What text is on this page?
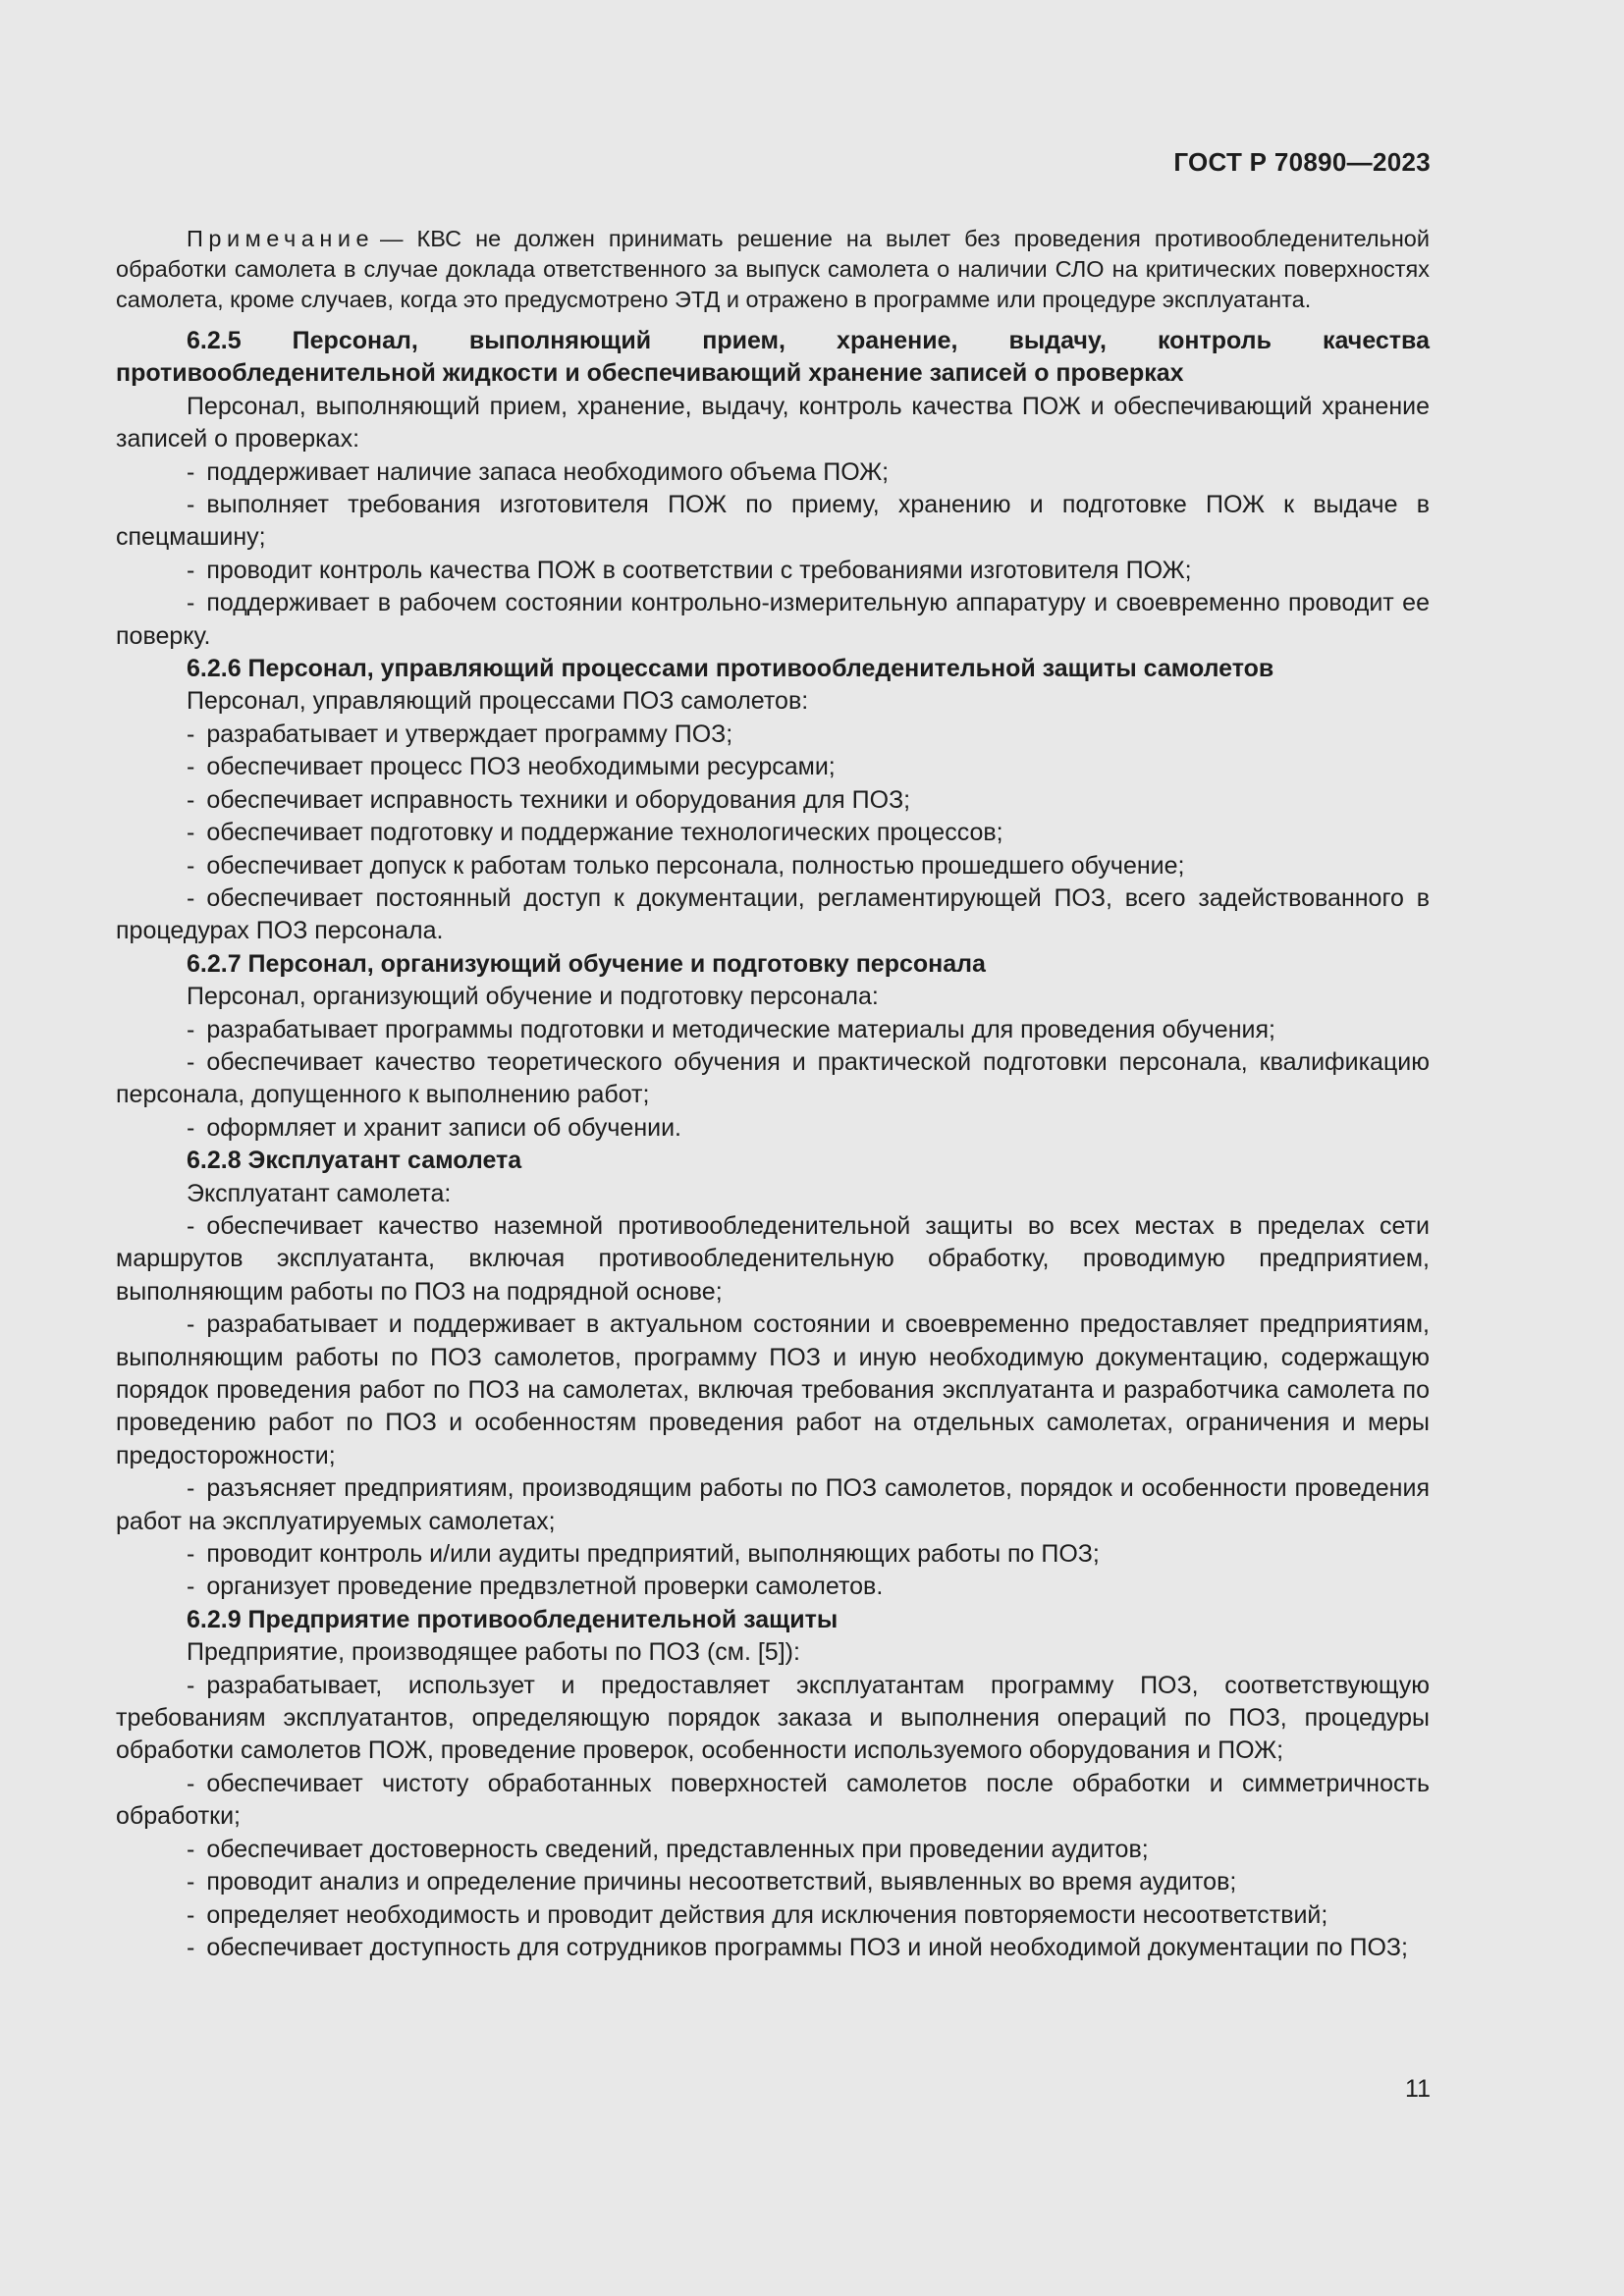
ГОСТ Р 70890—2023

Примечание — КВС не должен принимать решение на вылет без проведения противообледенительной обработки самолета в случае доклада ответственного за выпуск самолета о наличии СЛО на критических поверхностях самолета, кроме случаев, когда это предусмотрено ЭТД и отражено в программе или процедуре эксплуатанта.

6.2.5 Персонал, выполняющий прием, хранение, выдачу, контроль качества противообледенительной жидкости и обеспечивающий хранение записей о проверках

Персонал, выполняющий прием, хранение, выдачу, контроль качества ПОЖ и обеспечивающий хранение записей о проверках:

- поддерживает наличие запаса необходимого объема ПОЖ;

- выполняет требования изготовителя ПОЖ по приему, хранению и подготовке ПОЖ к выдаче в спецмашину;

- проводит контроль качества ПОЖ в соответствии с требованиями изготовителя ПОЖ;

- поддерживает в рабочем состоянии контрольно-измерительную аппаратуру и своевременно проводит ее поверку.

6.2.6 Персонал, управляющий процессами противообледенительной защиты самолетов

Персонал, управляющий процессами ПОЗ самолетов:

- разрабатывает и утверждает программу ПОЗ;

- обеспечивает процесс ПОЗ необходимыми ресурсами;

- обеспечивает исправность техники и оборудования для ПОЗ;

- обеспечивает подготовку и поддержание технологических процессов;

- обеспечивает допуск к работам только персонала, полностью прошедшего обучение;

- обеспечивает постоянный доступ к документации, регламентирующей ПОЗ, всего задействованного в процедурах ПОЗ персонала.

6.2.7 Персонал, организующий обучение и подготовку персонала

Персонал, организующий обучение и подготовку персонала:

- разрабатывает программы подготовки и методические материалы для проведения обучения;

- обеспечивает качество теоретического обучения и практической подготовки персонала, квалификацию персонала, допущенного к выполнению работ;

- оформляет и хранит записи об обучении.

6.2.8 Эксплуатант самолета

Эксплуатант самолета:

- обеспечивает качество наземной противообледенительной защиты во всех местах в пределах сети маршрутов эксплуатанта, включая противообледенительную обработку, проводимую предприятием, выполняющим работы по ПОЗ на подрядной основе;

- разрабатывает и поддерживает в актуальном состоянии и своевременно предоставляет предприятиям, выполняющим работы по ПОЗ самолетов, программу ПОЗ и иную необходимую документацию, содержащую порядок проведения работ по ПОЗ на самолетах, включая требования эксплуатанта и разработчика самолета по проведению работ по ПОЗ и особенностям проведения работ на отдельных самолетах, ограничения и меры предосторожности;

- разъясняет предприятиям, производящим работы по ПОЗ самолетов, порядок и особенности проведения работ на эксплуатируемых самолетах;

- проводит контроль и/или аудиты предприятий, выполняющих работы по ПОЗ;

- организует проведение предвзлетной проверки самолетов.

6.2.9 Предприятие противообледенительной защиты

Предприятие, производящее работы по ПОЗ (см. [5]):

- разрабатывает, использует и предоставляет эксплуатантам программу ПОЗ, соответствующую требованиям эксплуатантов, определяющую порядок заказа и выполнения операций по ПОЗ, процедуры обработки самолетов ПОЖ, проведение проверок, особенности используемого оборудования и ПОЖ;

- обеспечивает чистоту обработанных поверхностей самолетов после обработки и симметричность обработки;

- обеспечивает достоверность сведений, представленных при проведении аудитов;

- проводит анализ и определение причины несоответствий, выявленных во время аудитов;

- определяет необходимость и проводит действия для исключения повторяемости несоответствий;

- обеспечивает доступность для сотрудников программы ПОЗ и иной необходимой документации по ПОЗ;

11
